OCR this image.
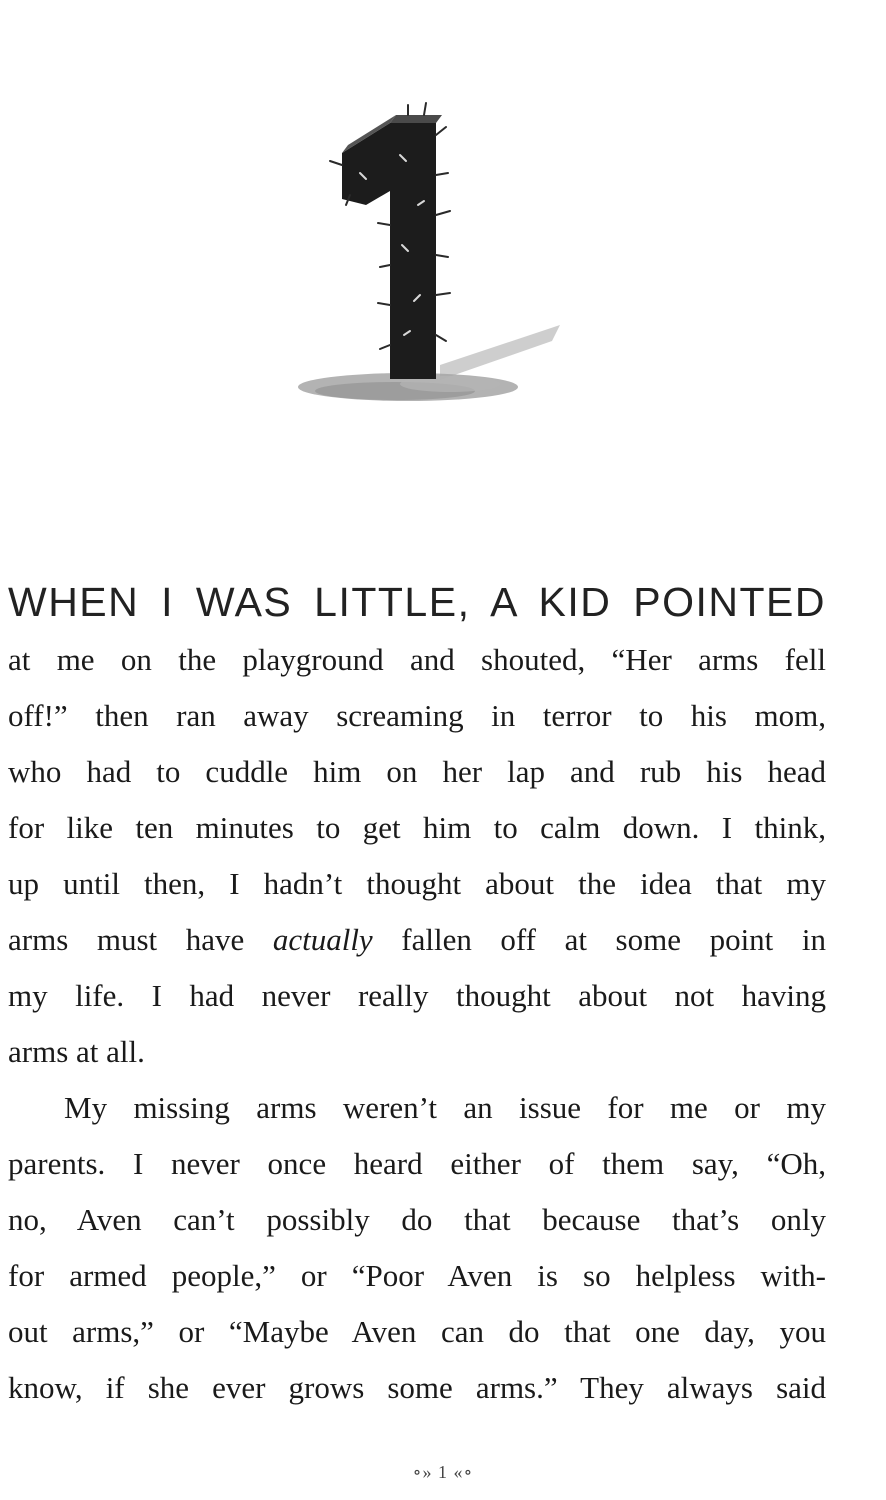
WHEN I WAS LITTLE, A KID POINTED
at me on the playground and shouted, “Her arms fell
off!” then ran away screaming in terror to his mom,
who had to cuddle him on her lap and rub his head
for like ten minutes to get him to calm down. I think,
up until then, I hadn’t thought about the idea that my
arms must have actually fallen off at some point in
my life. I had never really thought about not having
arms at all.
My missing arms weren’t an issue for me or my
parents. I never once heard either of them say, “Oh,
no, Aven can’t possibly do that because that’s only
for armed people,” or “Poor Aven is so helpless with-
out arms,” or “Maybe Aven can do that one day, you
know, if she ever grows some arms.” They always said
∘» 1 «∘
